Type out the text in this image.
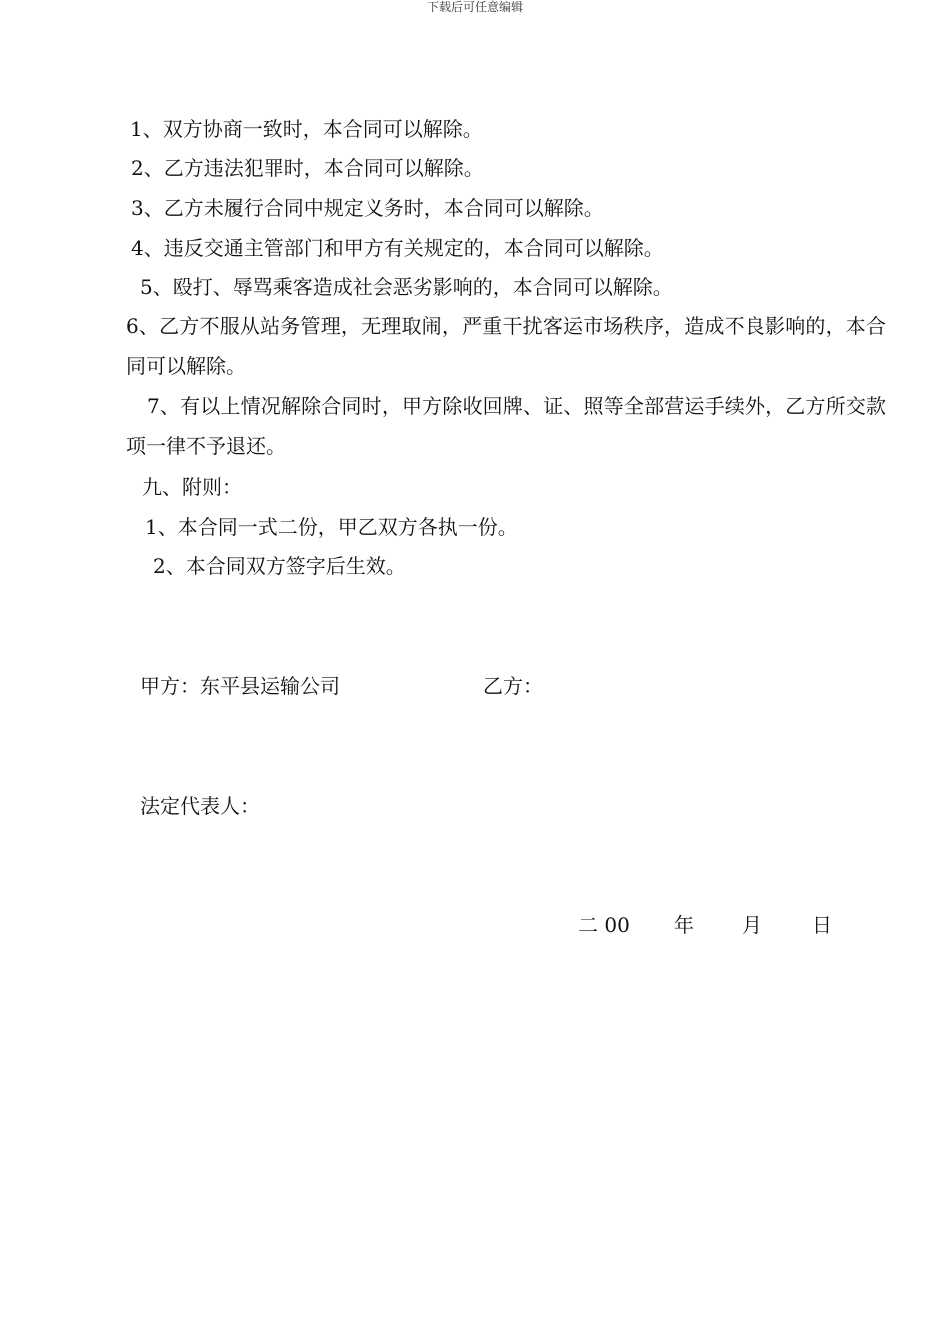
下载后可任意编辑
1、双方协商一致时，本合同可以解除。
2、乙方违法犯罪时，本合同可以解除。
3、乙方未履行合同中规定义务时，本合同可以解除。
4、违反交通主管部门和甲方有关规定的，本合同可以解除。
5、殴打、辱骂乘客造成社会恶劣影响的，本合同可以解除。
6、乙方不服从站务管理，无理取闹，严重干扰客运市场秩序，造成不良影响的，本合同可以解除。
7、有以上情况解除合同时，甲方除收回牌、证、照等全部营运手续外，乙方所交款项一律不予退还。
九、附则：
1、本合同一式二份，甲乙双方各执一份。
2、本合同双方签字后生效。
甲方：东平县运输公司	乙方：
法定代表人：
二 00 年 月	日
